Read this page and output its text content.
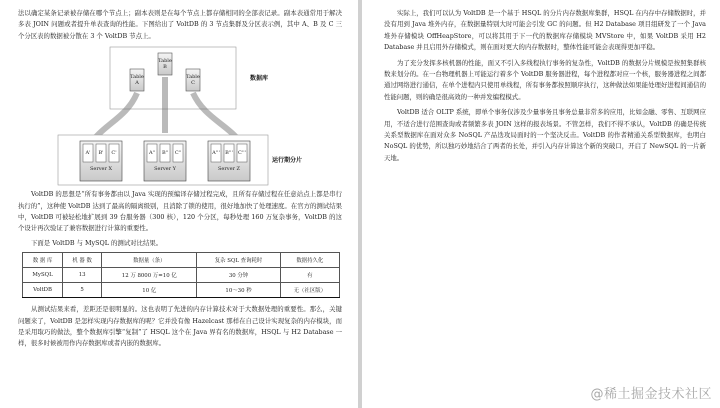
法以确定某条记录被存储在哪个节点上；副本表则是在每个节点上都存储相同的全部表记录。副本表通常用于解决多表 JOIN 问题或者提升单表查询的性能。下图给出了 VoltDB 的 3 节点集群及分区表示例，其中 A、B 及 C 三个分区表的数据被分散在 3 个 VoltDB 节点上。

Table A
Table B
Table C
数据库
运行期分片
A'	B'	C'
Server X
A"	B"	C"
Server Y
A''' B''' C'''
Server Z

VoltDB 的思想是“所有事务都由以 Java 实现的预编译存储过程完成，且所有存储过程在任意站点上都是串行执行的”，这种使 VoltDB 达到了最高的隔离级别，且消除了锁的使用，很好地加快了处理速度。在官方的测试结果中，VoltDB 可被轻松地扩展到 39 台服务器（300 核），120 个分区，每秒处理 160 万复杂事务，VoltDB 的这个设计再次验证了兼容数据进行计算的重要性。

下面是 VoltDB 与 MySQL 的测试对比结果。

数 据 库	机 器 数	数据量（条）	复杂 SQL 查询耗时	数据持久化
MySQL	13	12 万 8000 万=10 亿	30 分钟	有
VoltDB	5	10 亿	10～30 秒	无（社区版）

从测试结果来看，差距还是很明显的。这也表明了先进的内存计算技术对于大数据处理的重要性。那么，关键问题来了，VoltDB 是怎样实现内存数据库的呢？它并没有像 Hazelcast 那样在自己设计实现复杂的内存模块，而是采用取巧的做法，整个数据库引擎“复制”了 HSQL 这个在 Java 界有名的数据库，HSQL 与 H2 Database 一样，很多时候被用作内存数据库或者内嵌的数据库。

实际上，我们可以认为 VoltDB 是一个基于 HSQL 的分片内存数据库集群，HSQL 在内存中存储数据时，并没有用到 Java 堆外内存，在数据量特别大时可能会引发 GC 的问题。但 H2 Database 项目组研发了一个 Java 堆外存储模块 OffHeapStore，可以将其用于下一代的数据库存储模块 MVStore 中，如果 VoltDB 采用 H2 Database 并且启用外存储模式，则在面对更大的内存数据时，整体性能可能会表现得更加平稳。

为了充分发挥多核机器的性能，面又不引入多线程执行事务的复杂性，VoltDB 的数据分片规模是按照集群核数来划分的。在一台物理机器上可能运行着多个 VoltDB 服务器进程，每个进程都对应一个核，服务器进程之间都通过网络进行通信，在单个进程内只使用单线程，所有事务都按照顺序执行，这种做法如果能处理好进程间通信的性能问题，则的确是很高效的一种并发编程模式。

VoltDB 适合 OLTP 系统，即单个事务仅涉及少量事务且事务总量非常多的应用，比如金融、零售、互联网应用，不适合进行范围查询或者频繁多表 JOIN 这样的报表场景。不管怎样，我们不得不承认，VoltDB 的确是传统关系型数据库在面对众多 NoSQL 产品迭攻局面时的一个坚决反击。VoltDB 的作者精通关系型数据库，也明白 NoSQL 的优势，所以独巧妙地结合了两者的长处，并引入内存计算这个新的突破口，开启了 NewSQL 的一片新天地。

@稀土掘金技术社区
